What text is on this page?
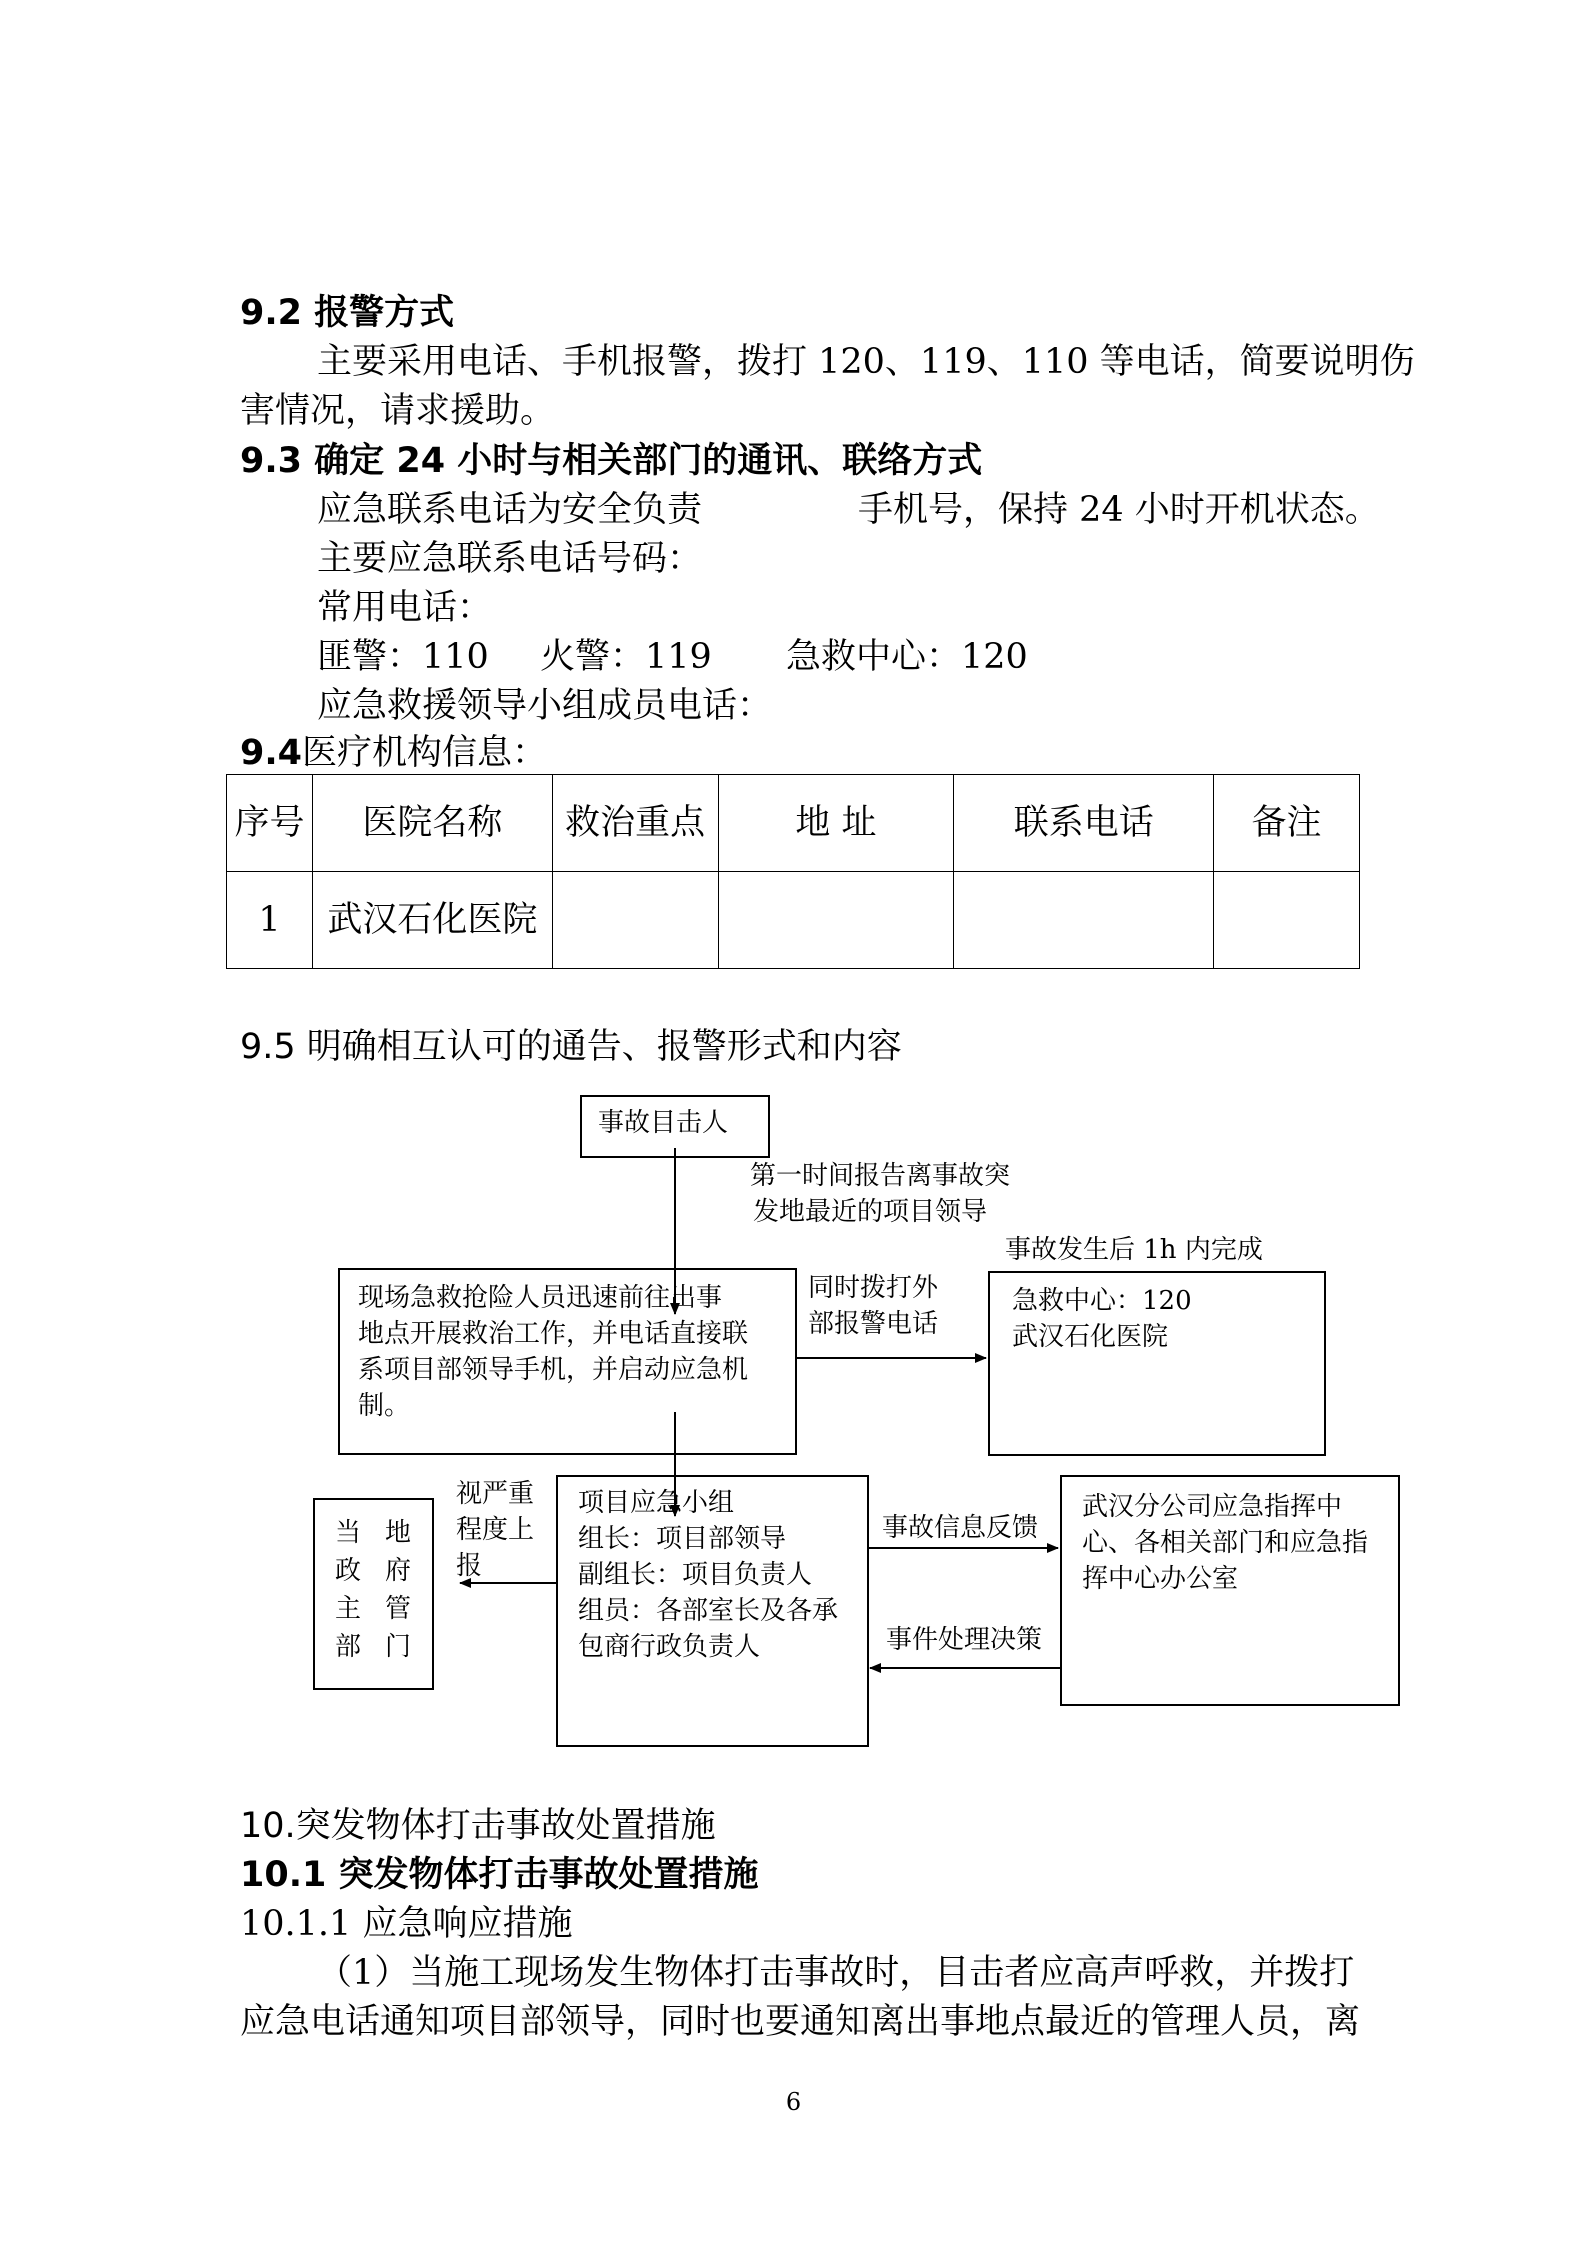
9.2 报警方式
主要采用电话、手机报警，拨打 120、119、110 等电话，简要说明伤
害情况，请求援助。
9.3 确定 24 小时与相关部门的通讯、联络方式
应急联系电话为安全负责	手机号，保持 24 小时开机状态。
主要应急联系电话号码：
常用电话：
匪警：110 火警：119 急救中心：120
应急救援领导小组成员电话：
9.4医疗机构信息：
序号	医院名称	救治重点	地 址	联系电话	备注
1	武汉石化医院				
9.5 明确相互认可的通告、报警形式和内容
事故目击人
第一时间报告离事故突
发地最近的项目领导
事故发生后 1h 内完成
现场急救抢险人员迅速前往出事
地点开展救治工作，并电话直接联
系项目部领导手机，并启动应急机
制。
同时拨打外
部报警电话
急救中心：120
武汉石化医院
当 地
政 府
主 管
部 门
视严重
程度上
报
项目应急小组
组长：项目部领导
副组长：项目负责人
组员：各部室长及各承
包商行政负责人
事故信息反馈
事件处理决策
武汉分公司应急指挥中
心、各相关部门和应急指
挥中心办公室
10.突发物体打击事故处置措施
10.1 突发物体打击事故处置措施
10.1.1 应急响应措施
（1）当施工现场发生物体打击事故时，目击者应高声呼救，并拨打
应急电话通知项目部领导，同时也要通知离出事地点最近的管理人员，离
6
